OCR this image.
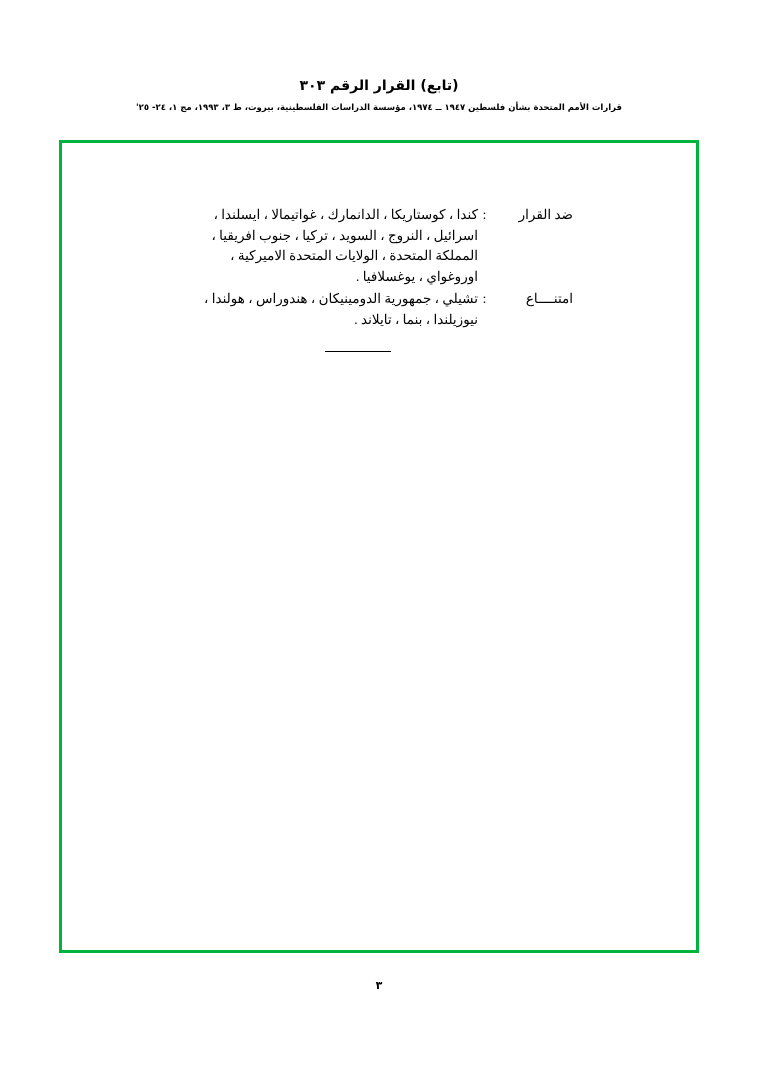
(تابع) القرار الرقم ٣٠٣
قرارات الأمم المتحدة بشأن فلسطين ١٩٤٧ ــ ١٩٧٤، مؤسسة الدراسات الفلسطينية، بيروت، ط ٣، ١٩٩٣، مج ١، ٢٤- ٢٥'
ضد القرار
:
كندا ، كوستاريكا ، الدانمارك ، غواتيمالا ، ايسلندا ،
اسرائيل ، النروج ، السويد ، تركيا ، جنوب افريقيا ،
المملكة المتحدة ، الولايات المتحدة الاميركية ،
اوروغواي ، يوغسلافيا .
امتنــــاع
:
تشيلي ، جمهورية الدومينيكان ، هندوراس ، هولندا ،
نيوزيلندا ، بنما ، تايلاند .
٣
